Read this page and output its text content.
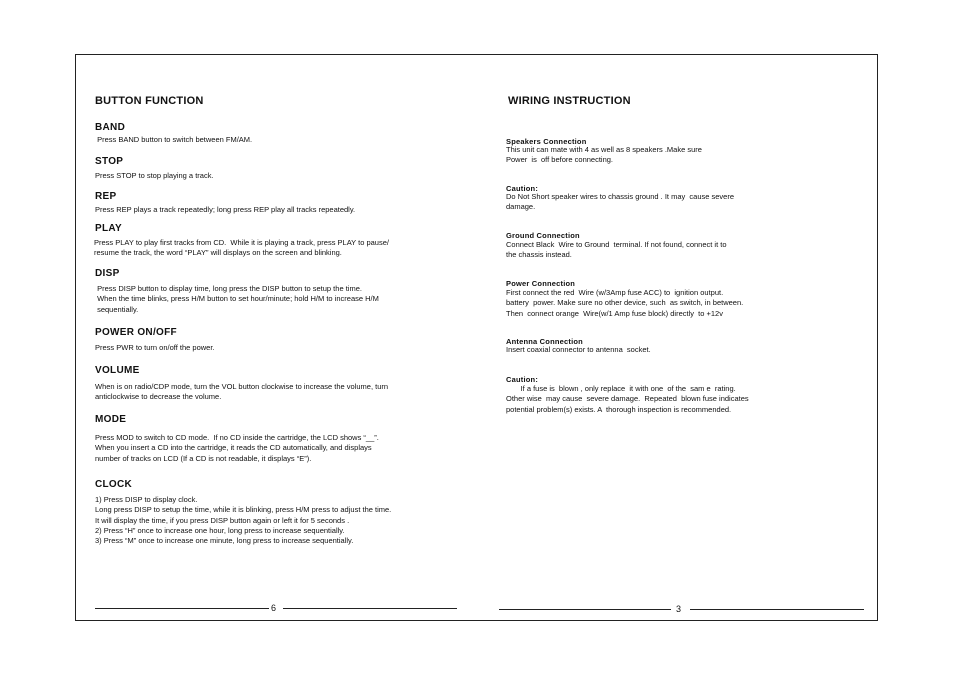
BUTTON FUNCTION
BAND
Press BAND button to switch between FM/AM.
STOP
Press STOP to stop playing a track.
REP
Press REP plays a track repeatedly; long press REP play all tracks repeatedly.
PLAY
Press PLAY to play first tracks from CD.  While it is playing a track, press PLAY to pause/
resume the track, the word “PLAY” will displays on the screen and blinking.
DISP
Press DISP button to display time, long press the DISP button to setup the time.
When the time blinks, press H/M button to set hour/minute; hold H/M to increase H/M
sequentially.
POWER ON/OFF
Press PWR to turn on/off the power.
VOLUME
When is on radio/CDP mode, turn the VOL button clockwise to increase the volume, turn
anticlockwise to decrease the volume.
MODE
Press MOD to switch to CD mode.  If no CD inside the cartridge, the LCD shows “__”.
When you insert a CD into the cartridge, it reads the CD automatically, and displays
number of tracks on LCD (If a CD is not readable, it displays “E”).
CLOCK
1) Press DISP to display clock.
Long press DISP to setup the time, while it is blinking, press H/M press to adjust the time.
It will display the time, if you press DISP button again or left it for 5 seconds .
2) Press “H” once to increase one hour, long press to increase sequentially.
3) Press “M” once to increase one minute, long press to increase sequentially.
6
WIRING INSTRUCTION
Speakers Connection
This unit can mate with 4 as well as 8 speakers .Make sure
Power  is  off before connecting.
Caution:
Do Not Short speaker wires to chassis ground . It may  cause severe
damage.
Ground Connection
Connect Black  Wire to Ground  terminal. If not found, connect it to
the chassis instead.
Power Connection
First connect the red  Wire (w/3Amp fuse ACC) to  ignition output.
battery  power. Make sure no other device, such  as switch, in between.
Then  connect orange  Wire(w/1 Amp fuse block) directly  to +12v
Antenna Connection
Insert coaxial connector to antenna  socket.
Caution:
If a fuse is  blown , only replace  it with one  of the  sam e  rating.
Other wise  may cause  severe damage.  Repeated  blown fuse indicates
potential problem(s) exists. A  thorough inspection is recommended.
3
